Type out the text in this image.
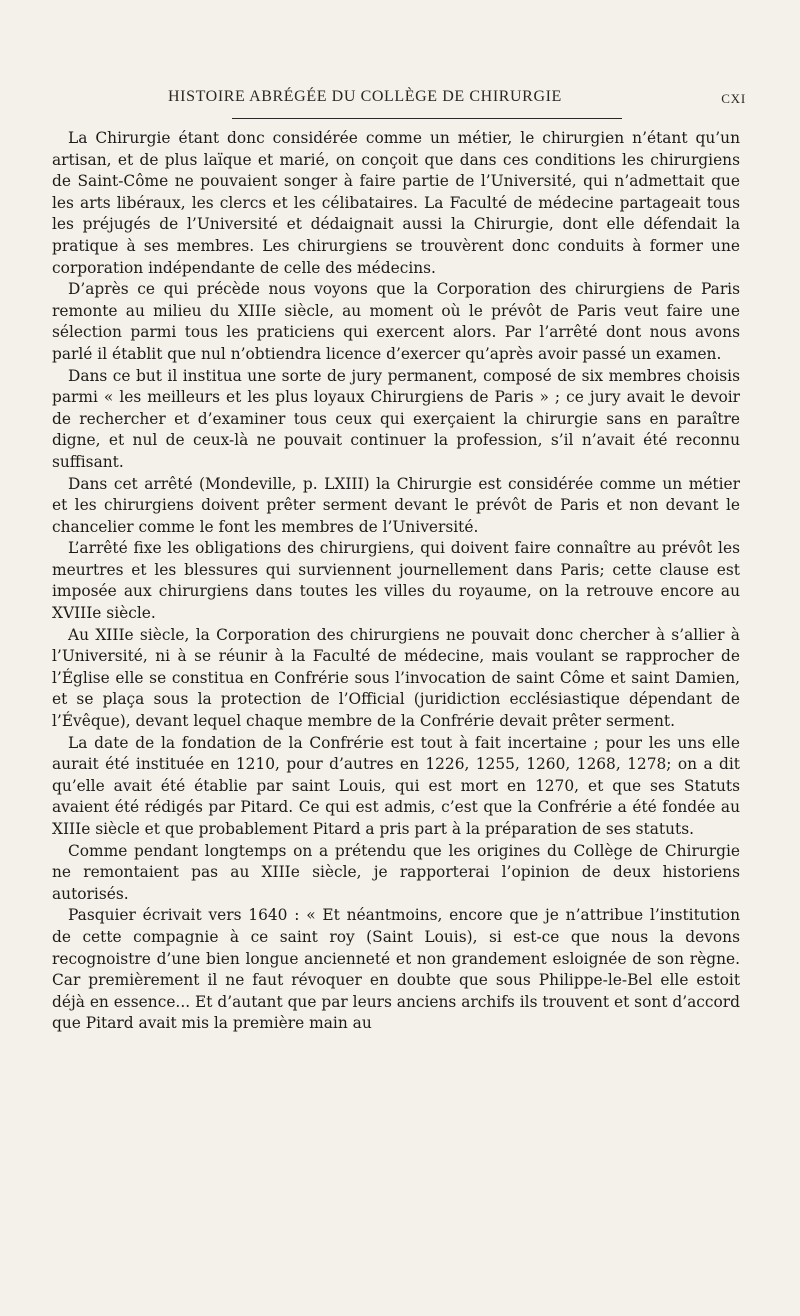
HISTOIRE ABRÉGÉE DU COLLÈGE DE CHIRURGIE	CXI

La Chirurgie étant donc considérée comme un métier, le chirurgien n’étant qu’un artisan, et de plus laïque et marié, on conçoit que dans ces conditions les chirurgiens de Saint-Côme ne pouvaient songer à faire partie de l’Université, qui n’admettait que les arts libéraux, les clercs et les célibataires. La Faculté de médecine partageait tous les préjugés de l’Université et dédaignait aussi la Chirurgie, dont elle défendait la pratique à ses membres. Les chirurgiens se trouvèrent donc conduits à former une corporation indépendante de celle des médecins.

D’après ce qui précède nous voyons que la Corporation des chirurgiens de Paris remonte au milieu du XIIIe siècle, au moment où le prévôt de Paris veut faire une sélection parmi tous les praticiens qui exercent alors. Par l’arrêté dont nous avons parlé il établit que nul n’obtiendra licence d’exercer qu’après avoir passé un examen.

Dans ce but il institua une sorte de jury permanent, composé de six membres choisis parmi « les meilleurs et les plus loyaux Chirurgiens de Paris » ; ce jury avait le devoir de rechercher et d’examiner tous ceux qui exerçaient la chirurgie sans en paraître digne, et nul de ceux-là ne pouvait continuer la profession, s’il n’avait été reconnu suffisant.

Dans cet arrêté (Mondeville, p. LXIII) la Chirurgie est considérée comme un métier et les chirurgiens doivent prêter serment devant le prévôt de Paris et non devant le chancelier comme le font les membres de l’Université.

L’arrêté fixe les obligations des chirurgiens, qui doivent faire connaître au prévôt les meurtres et les blessures qui surviennent journellement dans Paris; cette clause est imposée aux chirurgiens dans toutes les villes du royaume, on la retrouve encore au XVIIIe siècle.

Au XIIIe siècle, la Corporation des chirurgiens ne pouvait donc chercher à s’allier à l’Université, ni à se réunir à la Faculté de médecine, mais voulant se rapprocher de l’Église elle se constitua en Confrérie sous l’invocation de saint Côme et saint Damien, et se plaça sous la protection de l’Official (juridiction ecclésiastique dépendant de l’Évêque), devant lequel chaque membre de la Confrérie devait prêter serment.

La date de la fondation de la Confrérie est tout à fait incertaine ; pour les uns elle aurait été instituée en 1210, pour d’autres en 1226, 1255, 1260, 1268, 1278; on a dit qu’elle avait été établie par saint Louis, qui est mort en 1270, et que ses Statuts avaient été rédigés par Pitard. Ce qui est admis, c’est que la Confrérie a été fondée au XIIIe siècle et que probablement Pitard a pris part à la préparation de ses statuts.

Comme pendant longtemps on a prétendu que les origines du Collège de Chirurgie ne remontaient pas au XIIIe siècle, je rapporterai l’opinion de deux historiens autorisés.

Pasquier écrivait vers 1640 : « Et néantmoins, encore que je n’attribue l’institution de cette compagnie à ce saint roy (Saint Louis), si est-ce que nous la devons recognoistre d’une bien longue ancienneté et non grandement esloignée de son règne. Car premièrement il ne faut révoquer en doubte que sous Philippe-le-Bel elle estoit déjà en essence... Et d’autant que par leurs anciens archifs ils trouvent et sont d’accord que Pitard avait mis la première main au
